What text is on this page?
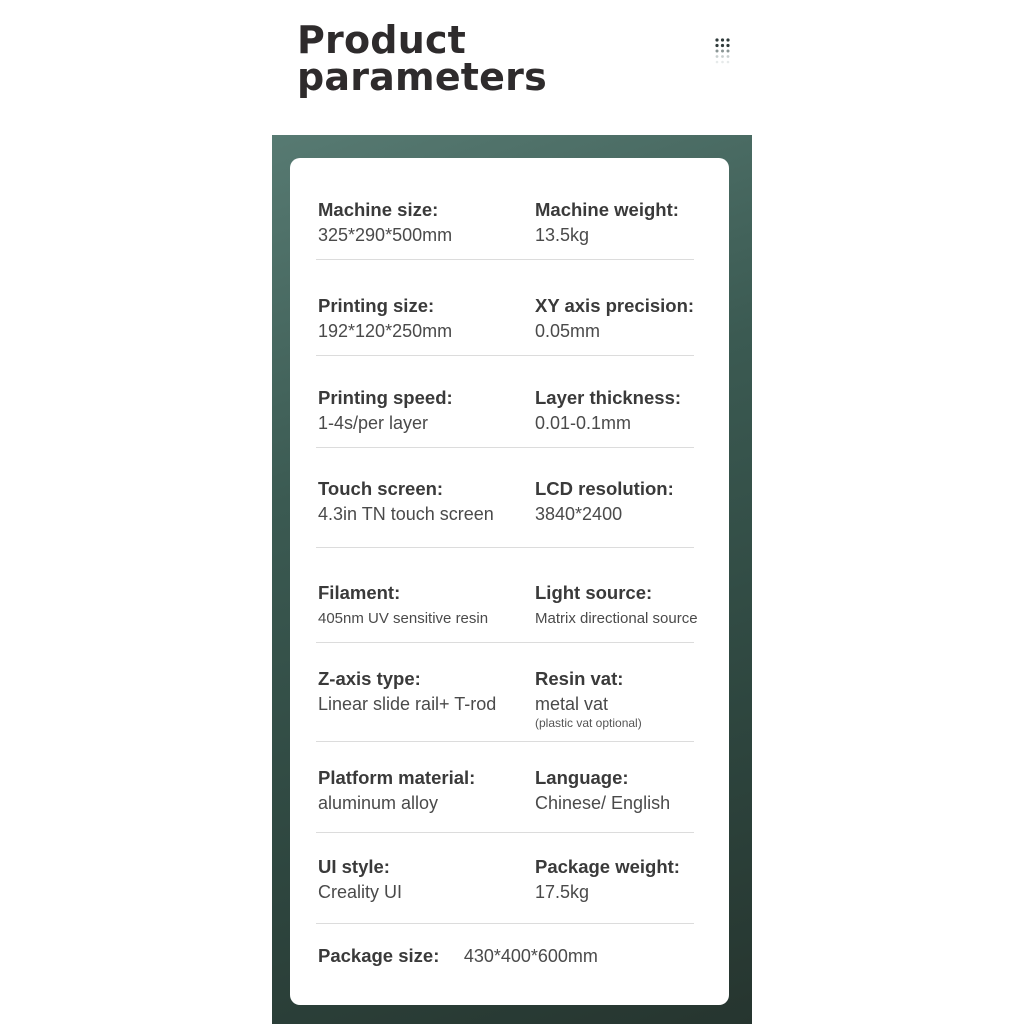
Product
parameters
Machine size:
325*290*500mm
Machine weight:
13.5kg
Printing size:
192*120*250mm
XY axis precision:
0.05mm
Printing speed:
1-4s/per layer
Layer thickness:
0.01-0.1mm
Touch screen:
4.3in TN touch screen
LCD resolution:
3840*2400
Filament:
405nm UV sensitive resin
Light source:
Matrix directional source
Z-axis type:
Linear slide rail+ T-rod
Resin vat:
metal vat
(plastic vat optional)
Platform material:
aluminum alloy
Language:
Chinese/ English
UI style:
Creality UI
Package weight:
17.5kg
Package size: 430*400*600mm
